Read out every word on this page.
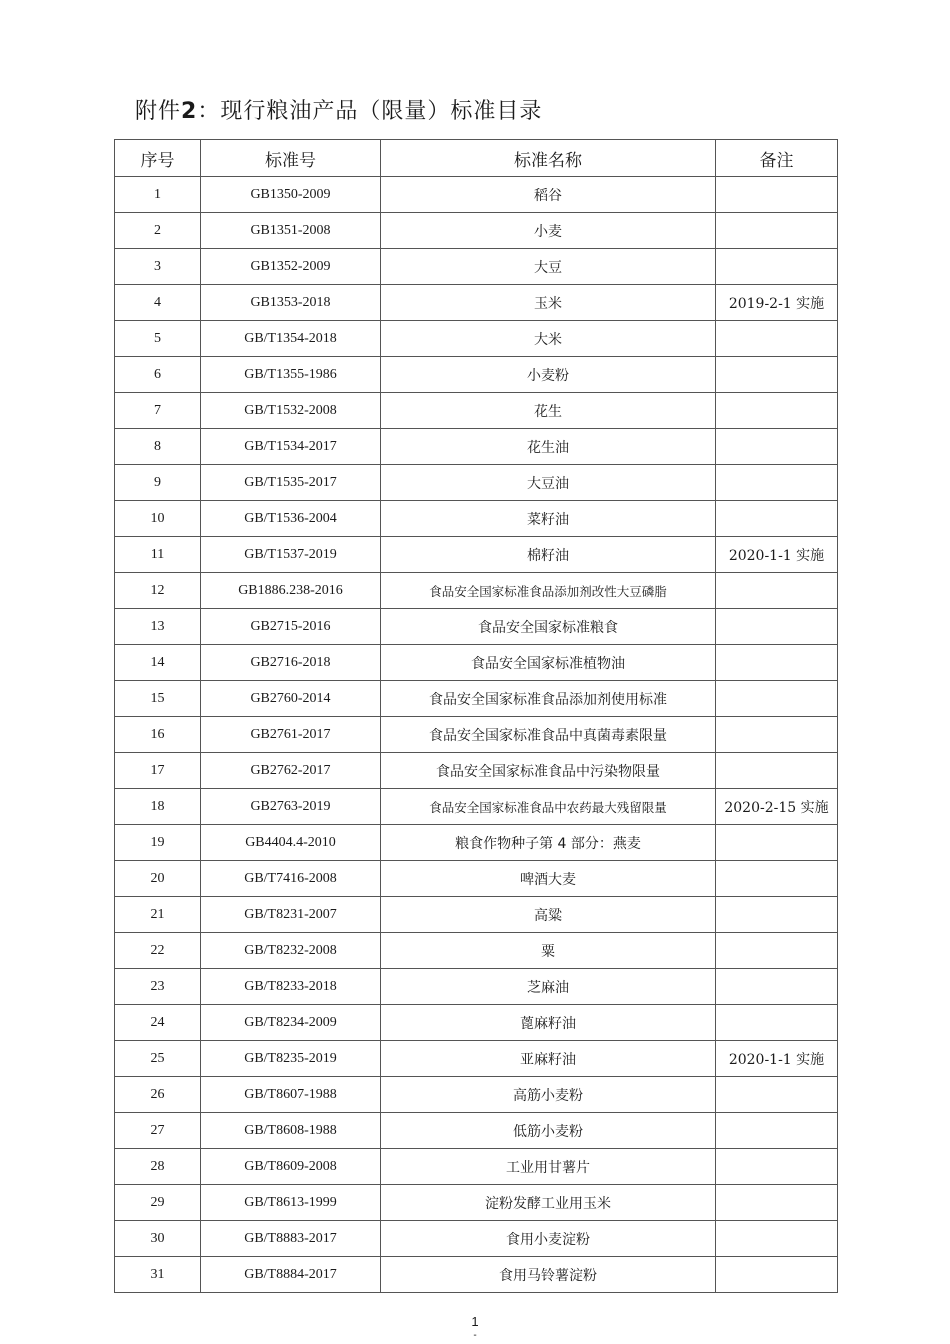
附件2：现行粮油产品（限量）标准目录
序号	标准号	标准名称	备注
1	GB1350-2009	稻谷	
2	GB1351-2008	小麦	
3	GB1352-2009	大豆	
4	GB1353-2018	玉米	2019-2-1 实施
5	GB/T1354-2018	大米	
6	GB/T1355-1986	小麦粉	
7	GB/T1532-2008	花生	
8	GB/T1534-2017	花生油	
9	GB/T1535-2017	大豆油	
10	GB/T1536-2004	菜籽油	
11	GB/T1537-2019	棉籽油	2020-1-1 实施
12	GB1886.238-2016	食品安全国家标准食品添加剂改性大豆磷脂	
13	GB2715-2016	食品安全国家标准粮食	
14	GB2716-2018	食品安全国家标准植物油	
15	GB2760-2014	食品安全国家标准食品添加剂使用标准	
16	GB2761-2017	食品安全国家标准食品中真菌毒素限量	
17	GB2762-2017	食品安全国家标准食品中污染物限量	
18	GB2763-2019	食品安全国家标准食品中农药最大残留限量	2020-2-15 实施
19	GB4404.4-2010	粮食作物种子第 4 部分：燕麦	
20	GB/T7416-2008	啤酒大麦	
21	GB/T8231-2007	高粱	
22	GB/T8232-2008	粟	
23	GB/T8233-2018	芝麻油	
24	GB/T8234-2009	蓖麻籽油	
25	GB/T8235-2019	亚麻籽油	2020-1-1 实施
26	GB/T8607-1988	高筋小麦粉	
27	GB/T8608-1988	低筋小麦粉	
28	GB/T8609-2008	工业用甘薯片	
29	GB/T8613-1999	淀粉发酵工业用玉米	
30	GB/T8883-2017	食用小麦淀粉	
31	GB/T8884-2017	食用马铃薯淀粉	
1
-
